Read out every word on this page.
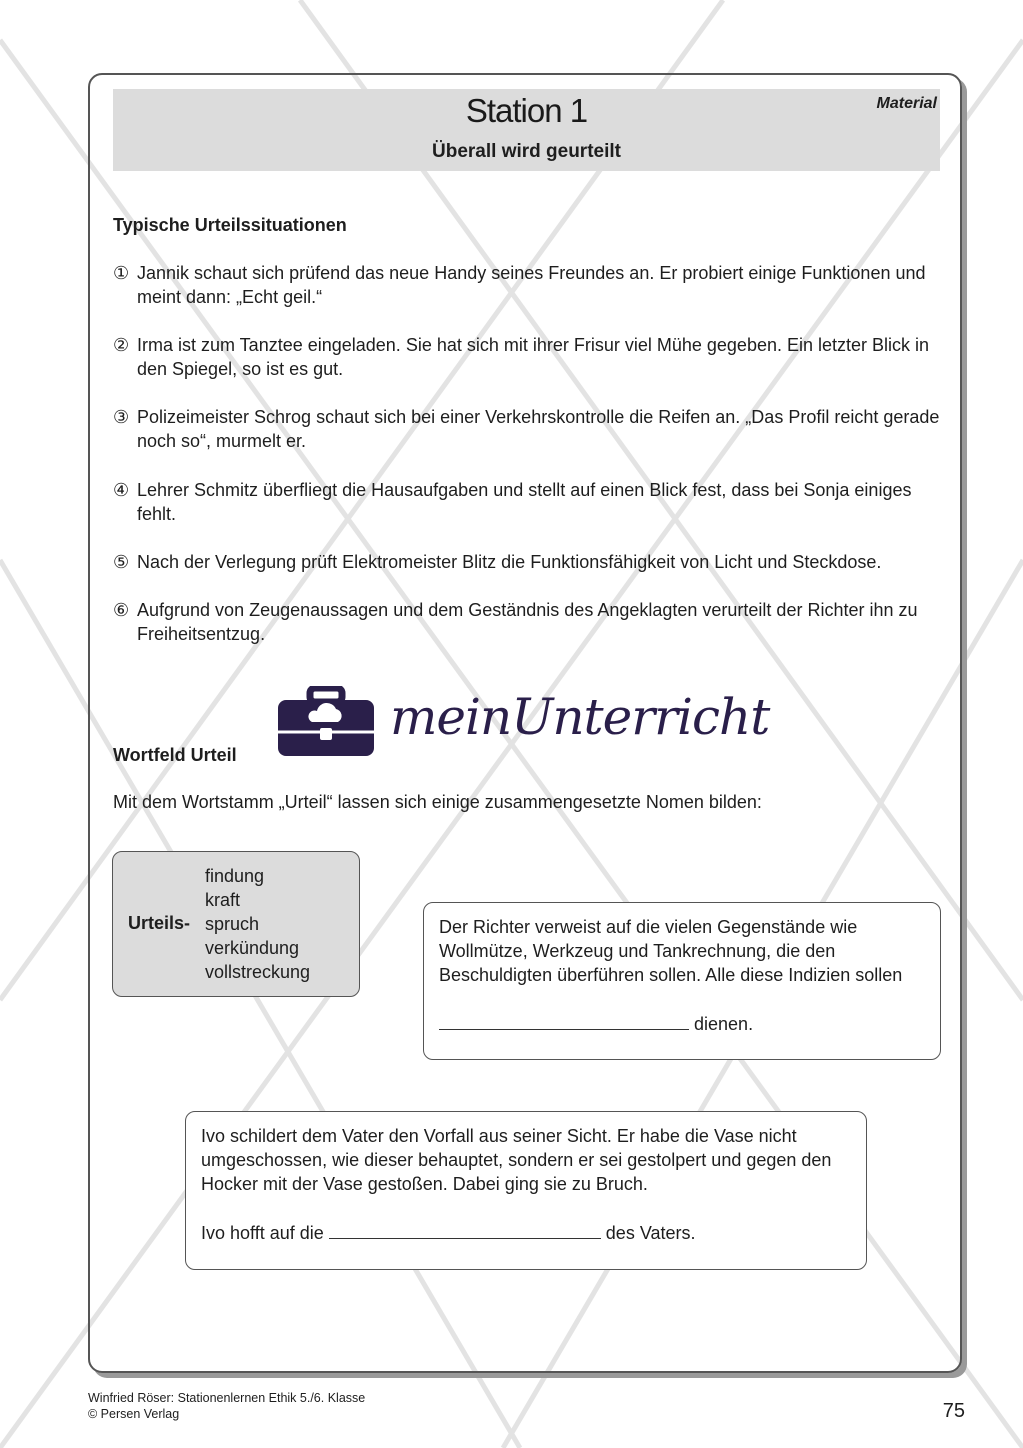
Station 1	Material
Überall wird geurteilt
Typische Urteilssituationen
① Jannik schaut sich prüfend das neue Handy seines Freundes an. Er probiert einige Funktionen und meint dann: „Echt geil.“
② Irma ist zum Tanztee eingeladen. Sie hat sich mit ihrer Frisur viel Mühe gegeben. Ein letzter Blick in den Spiegel, so ist es gut.
③ Polizeimeister Schrog schaut sich bei einer Verkehrskontrolle die Reifen an. „Das Profil reicht gerade noch so“, murmelt er.
④ Lehrer Schmitz überfliegt die Hausaufgaben und stellt auf einen Blick fest, dass bei Sonja einiges fehlt.
⑤ Nach der Verlegung prüft Elektromeister Blitz die Funktionsfähigkeit von Licht und Steckdose.
⑥ Aufgrund von Zeugenaussagen und dem Geständnis des Angeklagten verurteilt der Richter ihn zu Freiheitsentzug.
meinUnterricht
Wortfeld Urteil
Mit dem Wortstamm „Urteil“ lassen sich einige zusammengesetzte Nomen bilden:
Urteils-
findung
kraft
spruch
verkündung
vollstreckung

Der Richter verweist auf die vielen Gegenstände wie Wollmütze, Werkzeug und Tankrechnung, die den Beschuldigten überführen sollen. Alle diese Indizien sollen

dienen.

Ivo schildert dem Vater den Vorfall aus seiner Sicht. Er habe die Vase nicht umgeschossen, wie dieser behauptet, sondern er sei gestolpert und gegen den Hocker mit der Vase gestoßen. Dabei ging sie zu Bruch.

Ivo hofft auf die	des Vaters.

Winfried Röser: Stationenlernen Ethik 5./6. Klasse
© Persen Verlag	75
